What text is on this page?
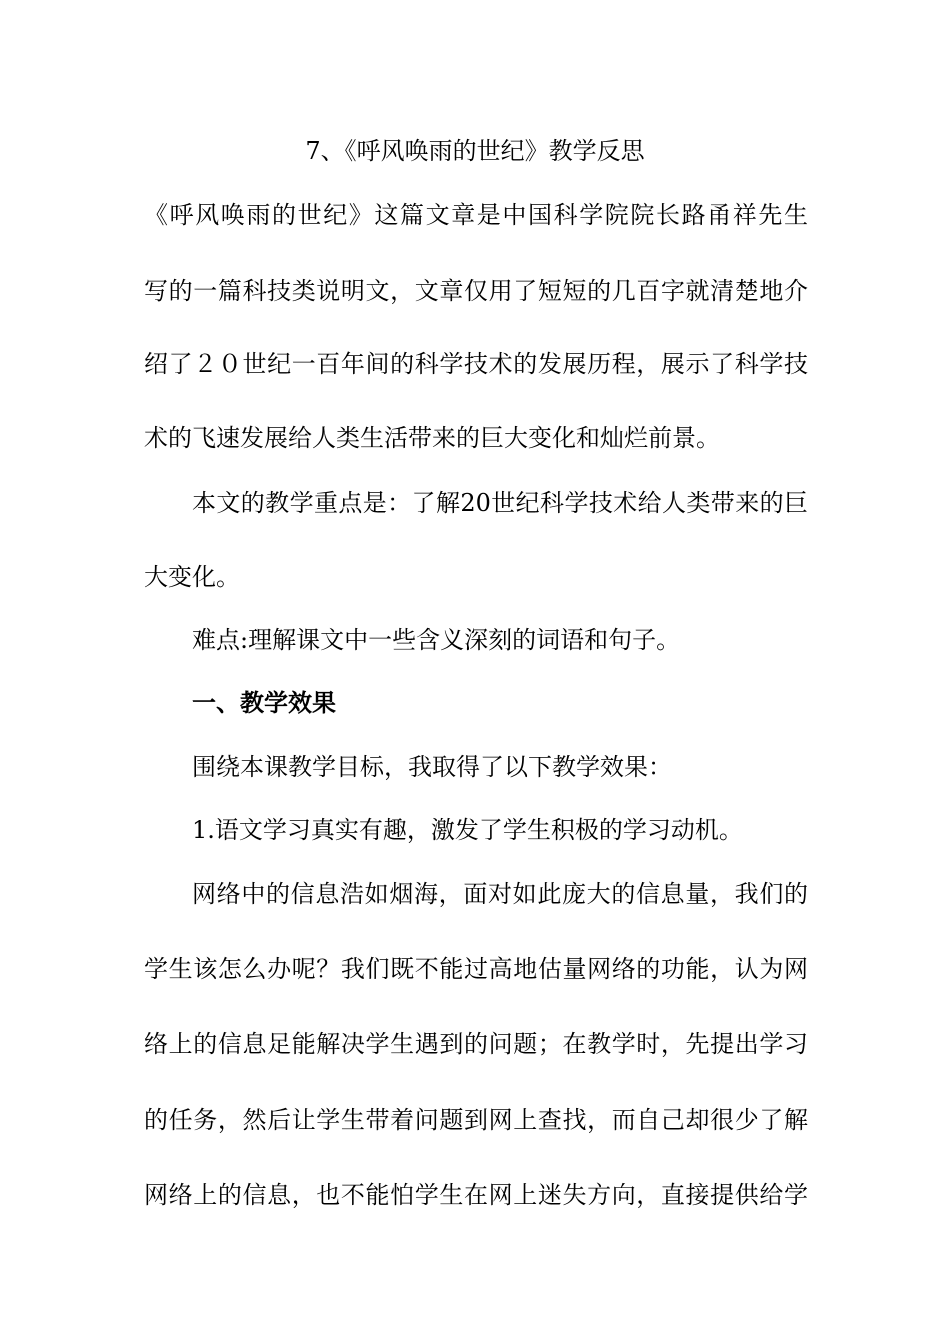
7、《呼风唤雨的世纪》教学反思
《呼风唤雨的世纪》这篇文章是中国科学院院长路甬祥先生
写的一篇科技类说明文，文章仅用了短短的几百字就清楚地介
绍了２０世纪一百年间的科学技术的发展历程，展示了科学技
术的飞速发展给人类生活带来的巨大变化和灿烂前景。
本文的教学重点是：了解20世纪科学技术给人类带来的巨
大变化。
难点:理解课文中一些含义深刻的词语和句子。
一、教学效果
围绕本课教学目标，我取得了以下教学效果：
1.语文学习真实有趣，激发了学生积极的学习动机。
网络中的信息浩如烟海，面对如此庞大的信息量，我们的
学生该怎么办呢？我们既不能过高地估量网络的功能，认为网
络上的信息足能解决学生遇到的问题；在教学时，先提出学习
的任务，然后让学生带着问题到网上查找，而自己却很少了解
网络上的信息，也不能怕学生在网上迷失方向，直接提供给学
